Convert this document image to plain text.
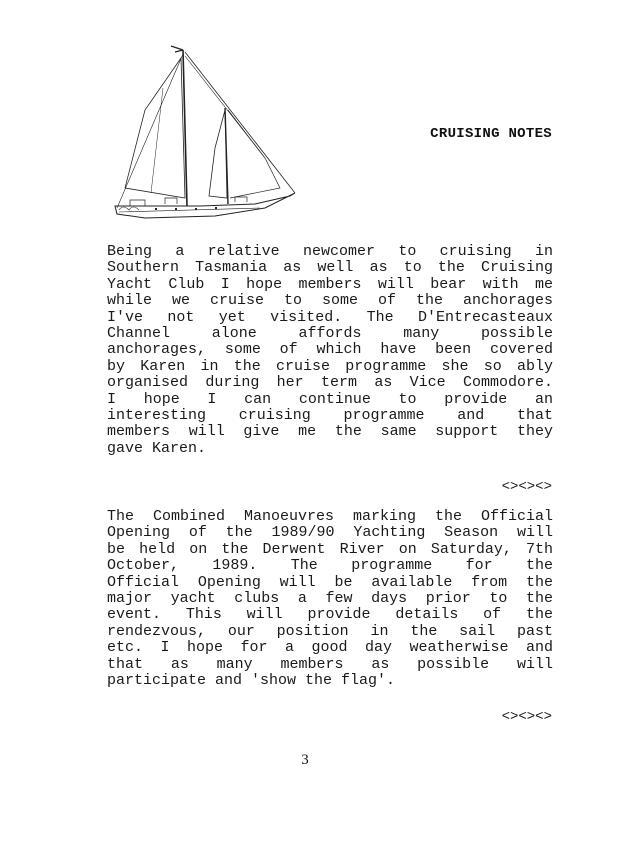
CRUISING NOTES
Being a relative newcomer to cruising in
Southern Tasmania as well as to the Cruising
Yacht Club I hope members will bear with me
while we cruise to some of the anchorages
I've not yet visited. The D'Entrecasteaux
Channel alone affords many possible
anchorages, some of which have been covered
by Karen in the cruise programme she so ably
organised during her term as Vice Commodore.
I hope I can continue to provide an
interesting cruising programme and that
members will give me the same support they
gave Karen.
<><><>
The Combined Manoeuvres marking the Official
Opening of the 1989/90 Yachting Season will
be held on the Derwent River on Saturday, 7th
October, 1989. The programme for the
Official Opening will be available from the
major yacht clubs a few days prior to the
event. This will provide details of the
rendezvous, our position in the sail past
etc. I hope for a good day weatherwise and
that as many members as possible will
participate and 'show the flag'.
<><><>
3
